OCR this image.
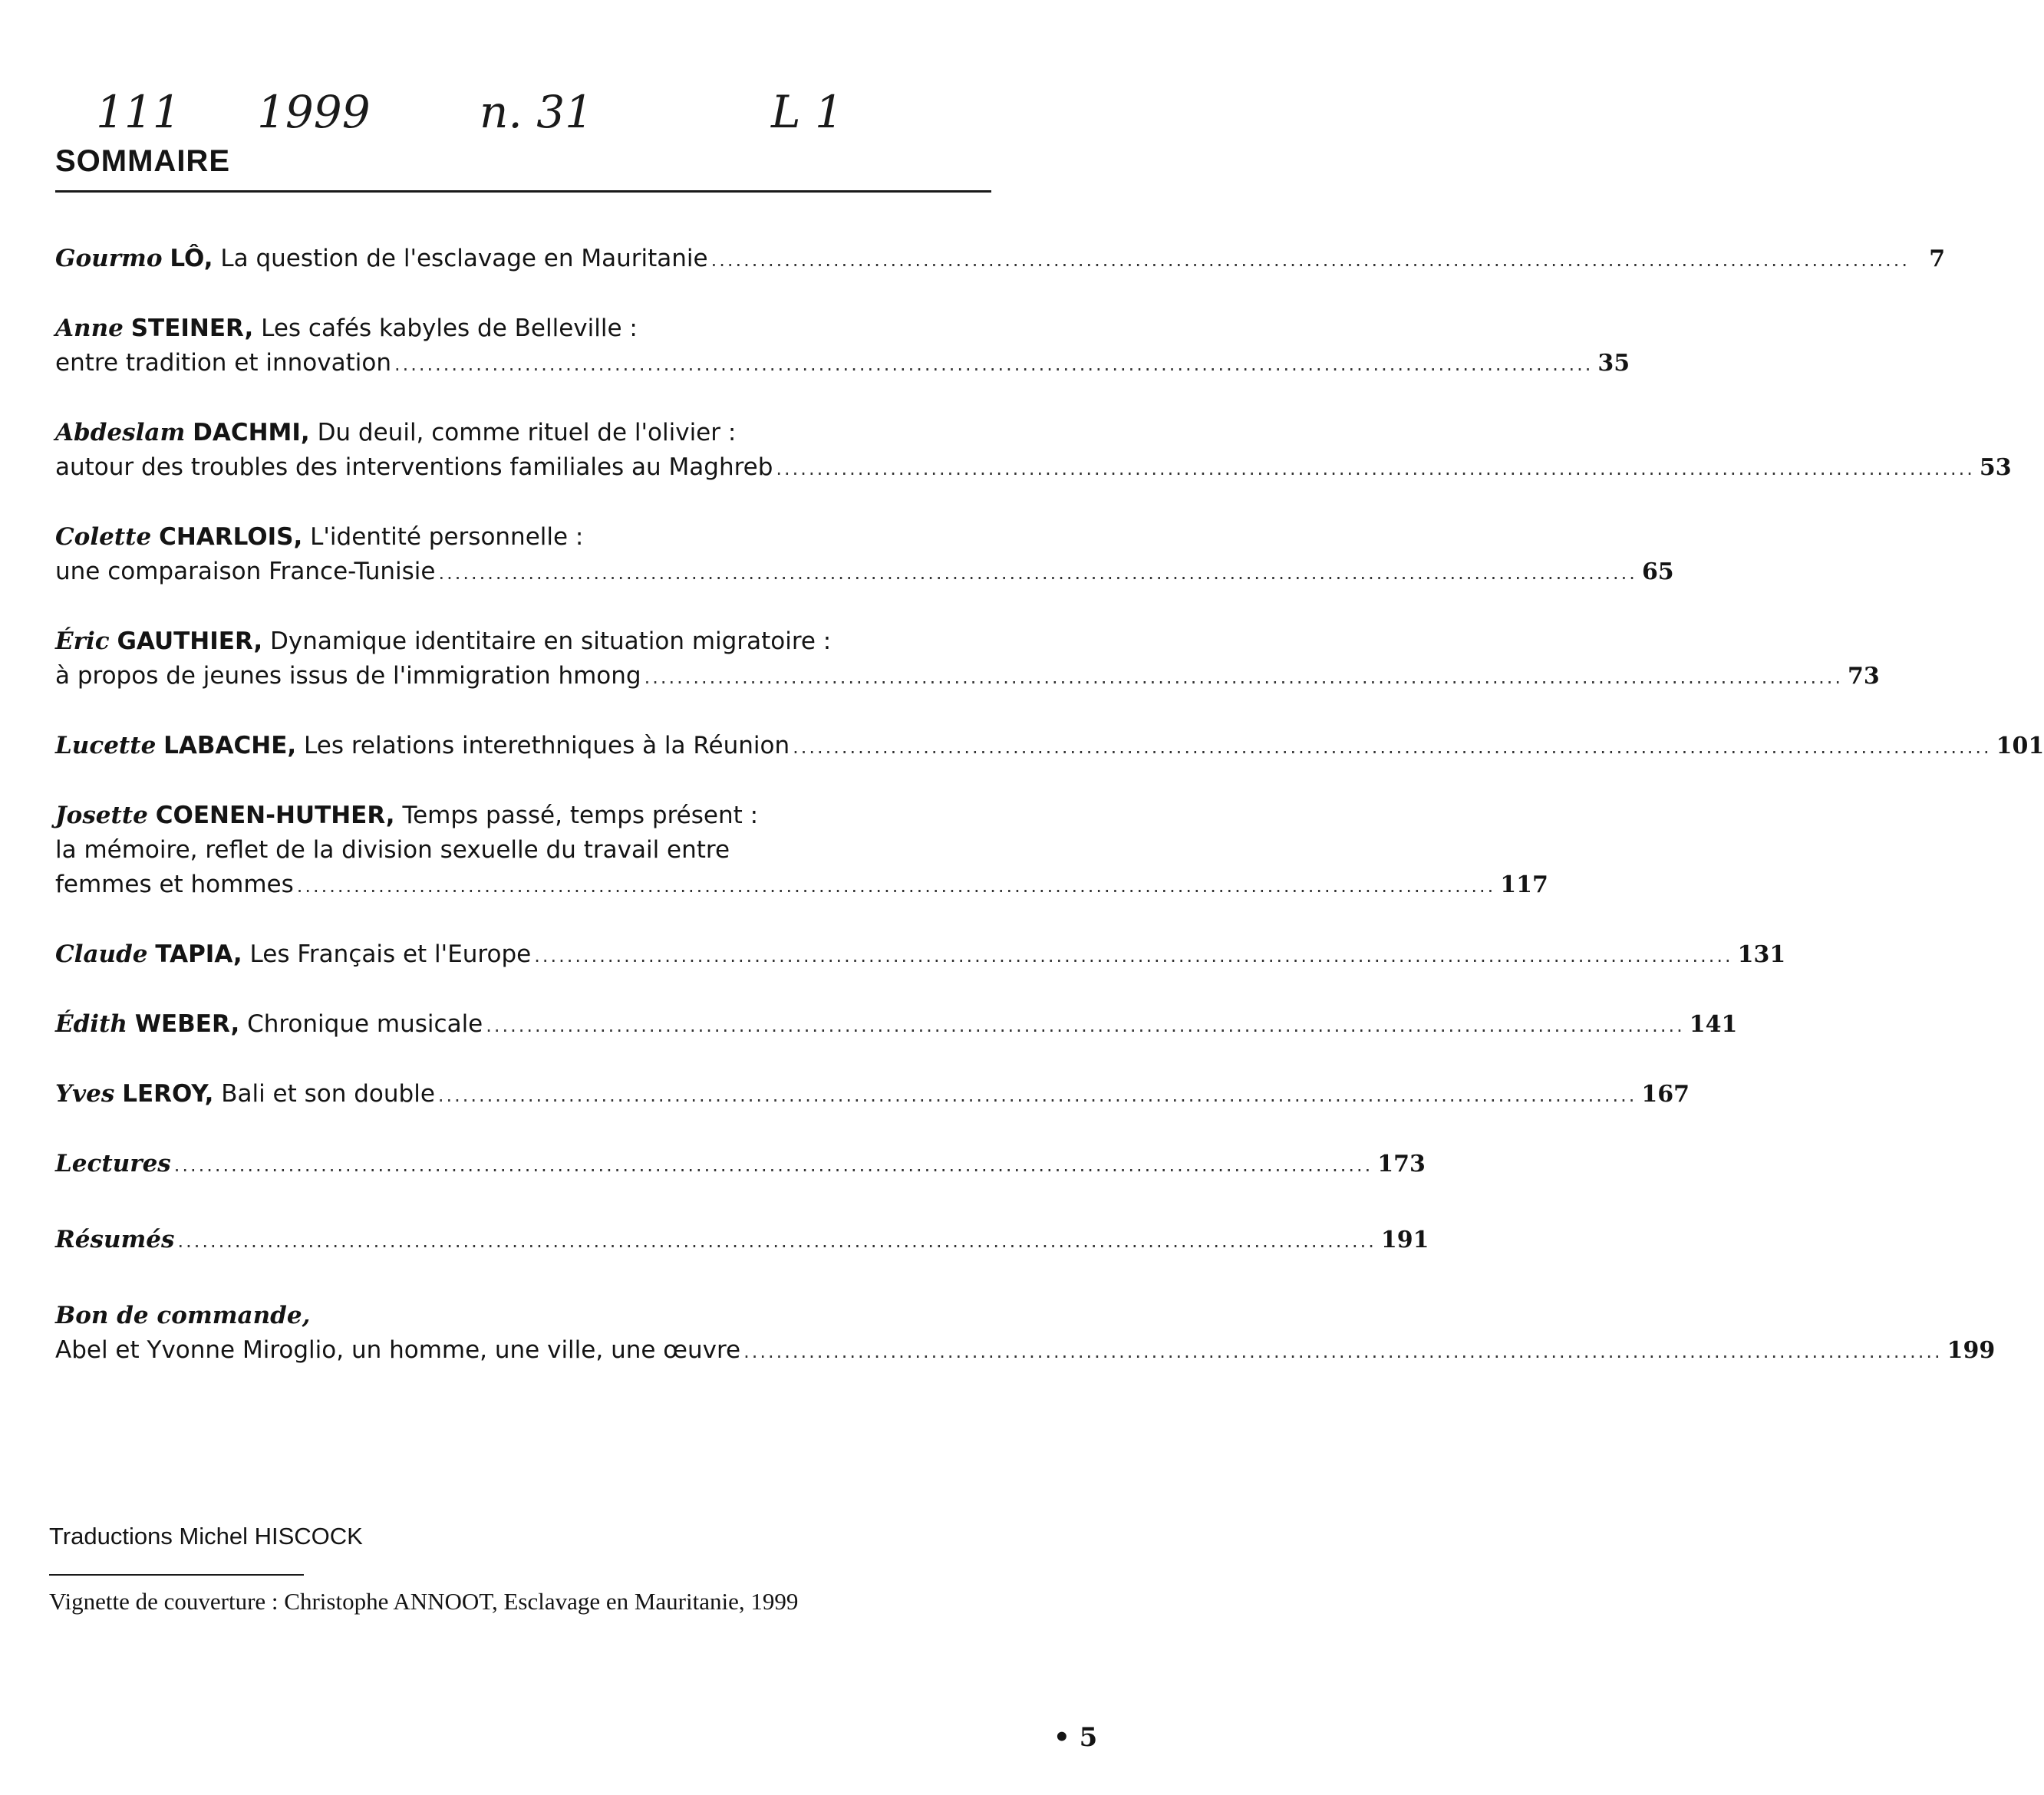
111 1999 n. 31	L 1
SOMMAIRE
Gourmo LÔ, La question de l'esclavage en Mauritanie ................................................................................................................................................... 7
Anne STEINER, Les cafés kabyles de Belleville :
entre tradition et innovation ................................................................................................................................................... 35
Abdeslam DACHMI, Du deuil, comme rituel de l'olivier :
autour des troubles des interventions familiales au Maghreb ................................................................................................................................................... 53
Colette CHARLOIS, L'identité personnelle :
une comparaison France-Tunisie ................................................................................................................................................... 65
Éric GAUTHIER, Dynamique identitaire en situation migratoire :
à propos de jeunes issus de l'immigration hmong ................................................................................................................................................... 73
Lucette LABACHE, Les relations interethniques à la Réunion ................................................................................................................................................... 101
Josette COENEN-HUTHER, Temps passé, temps présent :
la mémoire, reflet de la division sexuelle du travail entre
femmes et hommes ................................................................................................................................................... 117
Claude TAPIA, Les Français et l'Europe ................................................................................................................................................... 131
Édith WEBER, Chronique musicale ................................................................................................................................................... 141
Yves LEROY, Bali et son double ................................................................................................................................................... 167
Lectures ................................................................................................................................................... 173
Résumés ................................................................................................................................................... 191
Bon de commande,
Abel et Yvonne Miroglio, un homme, une ville, une œuvre ................................................................................................................................................... 199
Traductions Michel HISCOCK
Vignette de couverture : Christophe ANNOOT, Esclavage en Mauritanie, 1999
• 5
